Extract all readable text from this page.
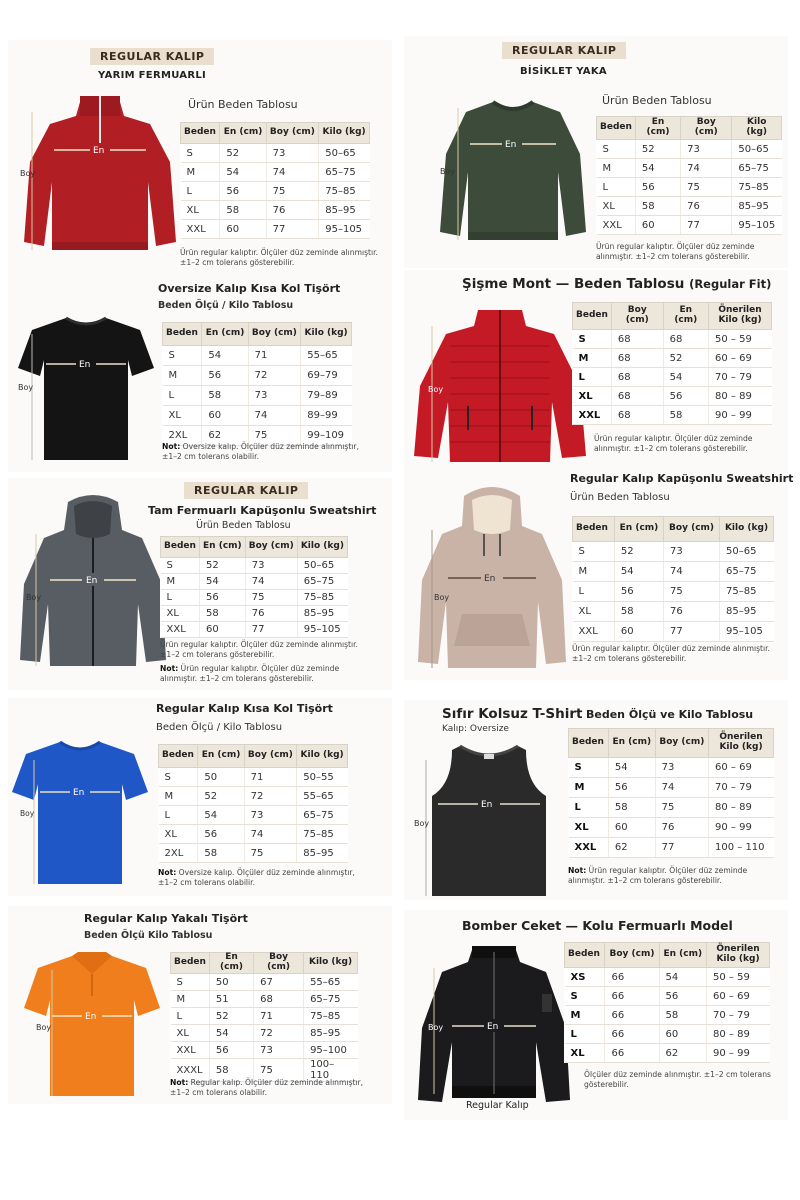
REGULAR KALIP
YARIM FERMUARLI
En
Boy
Ürün Beden Tablosu
Beden	En (cm)	Boy (cm)	Kilo (kg)
S	52	73	50–65
M	54	74	65–75
L	56	75	75–85
XL	58	76	85–95
XXL	60	77	95–105
Ürün regular kalıptır. Ölçüler düz zeminde alınmıştır. ±1–2 cm tolerans gösterebilir.
REGULAR KALIP
BİSİKLET YAKA
En
Boy
Ürün Beden Tablosu
Beden	En (cm)	Boy (cm)	Kilo (kg)
S	52	73	50–65
M	54	74	65–75
L	56	75	75–85
XL	58	76	85–95
XXL	60	77	95–105
Ürün regular kalıptır. Ölçüler düz zeminde alınmıştır. ±1–2 cm tolerans gösterebilir.
Oversize Kalıp Kısa Kol Tişört
Beden Ölçü / Kilo Tablosu
En
Boy
Beden	En (cm)	Boy (cm)	Kilo (kg)
S	54	71	55–65
M	56	72	69–79
L	58	73	79–89
XL	60	74	89–99
2XL	62	75	99–109
Not: Oversize kalıp. Ölçüler düz zeminde alınmıştır, ±1–2 cm tolerans olabilir.
Şişme Mont — Beden Tablosu (Regular Fit)
Boy
Beden	Boy (cm)	En (cm)	Önerilen Kilo (kg)
S	68	68	50 – 59
M	68	52	60 – 69
L	68	54	70 – 79
XL	68	56	80 – 89
XXL	68	58	90 – 99
Ürün regular kalıptır. Ölçüler düz zeminde alınmıştır. ±1–2 cm tolerans gösterebilir.
REGULAR KALIP
Tam Fermuarlı Kapüşonlu Sweatshirt
Ürün Beden Tablosu
En
Boy
Beden	En (cm)	Boy (cm)	Kilo (kg)
S	52	73	50–65
M	54	74	65–75
L	56	75	75–85
XL	58	76	85–95
XXL	60	77	95–105
Ürün regular kalıptır. Ölçüler düz zeminde alınmıştır. ±1–2 cm tolerans gösterebilir.
Not: Ürün regular kalıptır. Ölçüler düz zeminde alınmıştır. ±1–2 cm tolerans gösterebilir.
Regular Kalıp Kapüşonlu Sweatshirt
Ürün Beden Tablosu
En
Boy
Beden	En (cm)	Boy (cm)	Kilo (kg)
S	52	73	50–65
M	54	74	65–75
L	56	75	75–85
XL	58	76	85–95
XXL	60	77	95–105
Ürün regular kalıptır. Ölçüler düz zeminde alınmıştır. ±1–2 cm tolerans gösterebilir.
Regular Kalıp Kısa Kol Tişört
Beden Ölçü / Kilo Tablosu
En
Boy
Beden	En (cm)	Boy (cm)	Kilo (kg)
S	50	71	50–55
M	52	72	55–65
L	54	73	65–75
XL	56	74	75–85
2XL	58	75	85–95
Not: Oversize kalıp. Ölçüler düz zeminde alınmıştır, ±1–2 cm tolerans olabilir.
Sıfır Kolsuz T-Shirt
Kalıp: Oversize
Beden Ölçü ve Kilo Tablosu
En
Boy
Beden	En (cm)	Boy (cm)	Önerilen Kilo (kg)
S	54	73	60 – 69
M	56	74	70 – 79
L	58	75	80 – 89
XL	60	76	90 – 99
XXL	62	77	100 – 110
Not: Ürün regular kalıptır. Ölçüler düz zeminde alınmıştır. ±1–2 cm tolerans gösterebilir.
Regular Kalıp Yakalı Tişört
Beden Ölçü Kilo Tablosu
En
Boy
Beden	En (cm)	Boy (cm)	Kilo (kg)
S	50	67	55–65
M	51	68	65–75
L	52	71	75–85
XL	54	72	85–95
XXL	56	73	95–100
XXXL	58	75	100–110
Not: Regular kalıp. Ölçüler düz zeminde alınmıştır, ±1–2 cm tolerans olabilir.
Bomber Ceket — Kolu Fermuarlı Model
En
Boy
Beden	Boy (cm)	En (cm)	Önerilen Kilo (kg)
XS	66	54	50 – 59
S	66	56	60 – 69
M	66	58	70 – 79
L	66	60	80 – 89
XL	66	62	90 – 99
Ölçüler düz zeminde alınmıştır. ±1–2 cm tolerans gösterebilir.
Regular Kalıp
